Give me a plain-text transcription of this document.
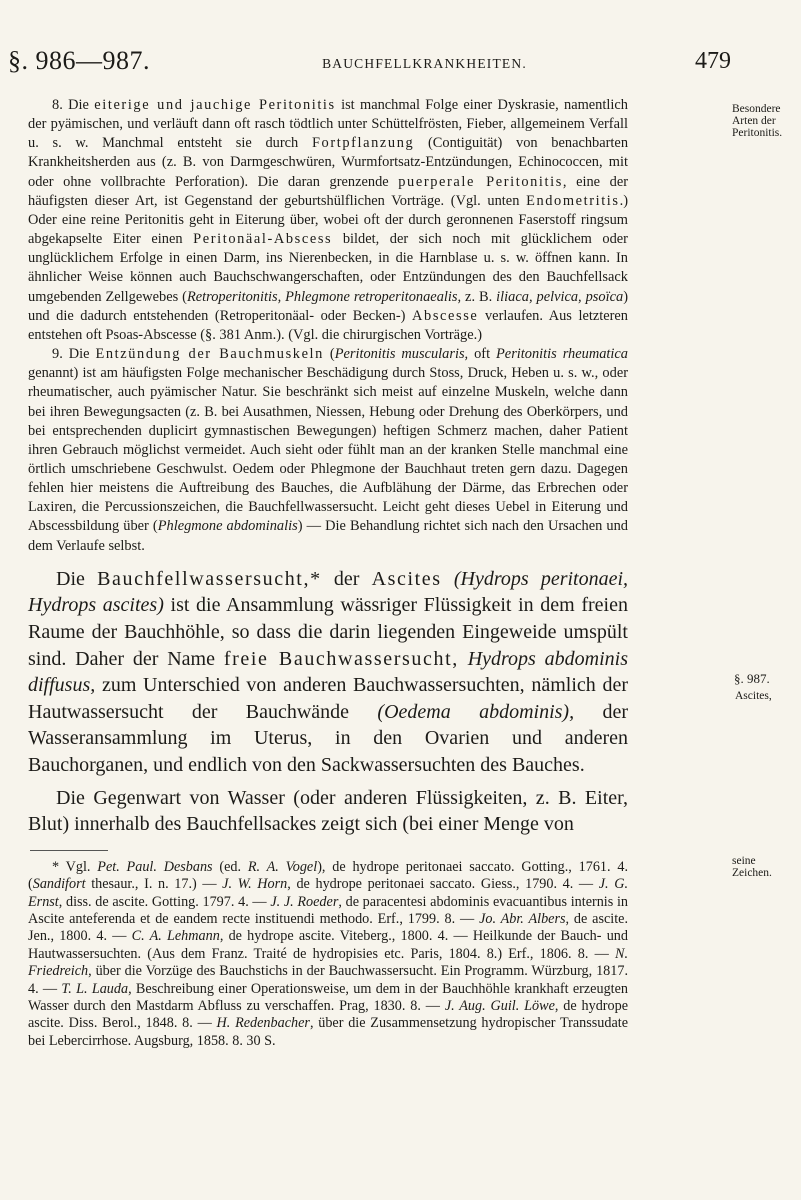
§. 986—987.	BAUCHFELLKRANKHEITEN.	479
Besondere Arten der Peritonitis.
§. 987.
Ascites,
seine Zeichen.

8. Die eiterige und jauchige Peritonitis ist manchmal Folge einer Dyskrasie, namentlich der pyämischen, und verläuft dann oft rasch tödtlich unter Schüttelfrösten, Fieber, allgemeinem Verfall u. s. w. Manchmal entsteht sie durch Fortpflanzung (Contiguität) von benachbarten Krankheitsherden aus (z. B. von Darmgeschwüren, Wurmfortsatz-Entzündungen, Echinococcen, mit oder ohne vollbrachte Perforation). Die daran grenzende puerperale Peritonitis, eine der häufigsten dieser Art, ist Gegenstand der geburtshülflichen Vorträge. (Vgl. unten Endometritis.) Oder eine reine Peritonitis geht in Eiterung über, wobei oft der durch geronnenen Faserstoff ringsum abgekapselte Eiter einen Peritonäal-Abscess bildet, der sich noch mit glücklichem oder unglücklichem Erfolge in einen Darm, ins Nierenbecken, in die Harnblase u. s. w. öffnen kann. In ähnlicher Weise können auch Bauchschwangerschaften, oder Entzündungen des den Bauchfellsack umgebenden Zellgewebes (Retroperitonitis, Phlegmone retroperitonaealis, z. B. iliaca, pelvica, psoïca) und die dadurch entstehenden (Retroperitonäal- oder Becken-) Abscesse verlaufen. Aus letzteren entstehen oft Psoas-Abscesse (§. 381 Anm.). (Vgl. die chirurgischen Vorträge.)

9. Die Entzündung der Bauchmuskeln (Peritonitis muscularis, oft Peritonitis rheumatica genannt) ist am häufigsten Folge mechanischer Beschädigung durch Stoss, Druck, Heben u. s. w., oder rheumatischer, auch pyämischer Natur. Sie beschränkt sich meist auf einzelne Muskeln, welche dann bei ihren Bewegungsacten (z. B. bei Ausathmen, Niessen, Hebung oder Drehung des Oberkörpers, und bei entsprechenden duplicirt gymnastischen Bewegungen) heftigen Schmerz machen, daher Patient ihren Gebrauch möglichst vermeidet. Auch sieht oder fühlt man an der kranken Stelle manchmal eine örtlich umschriebene Geschwulst. Oedem oder Phlegmone der Bauchhaut treten gern dazu. Dagegen fehlen hier meistens die Auftreibung des Bauches, die Aufblähung der Därme, das Erbrechen oder Laxiren, die Percussionszeichen, die Bauchfellwassersucht. Leicht geht dieses Uebel in Eiterung und Abscessbildung über (Phlegmone abdominalis) — Die Behandlung richtet sich nach den Ursachen und dem Verlaufe selbst.

Die Bauchfellwassersucht,* der Ascites (Hydrops peritonaei, Hydrops ascites) ist die Ansammlung wässriger Flüssigkeit in dem freien Raume der Bauchhöhle, so dass die darin liegenden Eingeweide umspült sind. Daher der Name freie Bauchwassersucht, Hydrops abdominis diffusus, zum Unterschied von anderen Bauchwassersuchten, nämlich der Hautwassersucht der Bauchwände (Oedema abdominis), der Wasseransammlung im Uterus, in den Ovarien und anderen Bauchorganen, und endlich von den Sackwassersuchten des Bauches.

Die Gegenwart von Wasser (oder anderen Flüssigkeiten, z. B. Eiter, Blut) innerhalb des Bauchfellsackes zeigt sich (bei einer Menge von

* Vgl. Pet. Paul. Desbans (ed. R. A. Vogel), de hydrope peritonaei saccato. Gotting., 1761. 4. (Sandifort thesaur., I. n. 17.) — J. W. Horn, de hydrope peritonaei saccato. Giess., 1790. 4. — J. G. Ernst, diss. de ascite. Gotting. 1797. 4. — J. J. Roeder, de paracentesi abdominis evacuantibus internis in Ascite anteferenda et de eandem recte instituendi methodo. Erf., 1799. 8. — Jo. Abr. Albers, de ascite. Jen., 1800. 4. — C. A. Lehmann, de hydrope ascite. Viteberg., 1800. 4. — Heilkunde der Bauch- und Hautwassersuchten. (Aus dem Franz. Traité de hydropisies etc. Paris, 1804. 8.) Erf., 1806. 8. — N. Friedreich, über die Vorzüge des Bauchstichs in der Bauchwassersucht. Ein Programm. Würzburg, 1817. 4. — T. L. Lauda, Beschreibung einer Operationsweise, um dem in der Bauchhöhle krankhaft erzeugten Wasser durch den Mastdarm Abfluss zu verschaffen. Prag, 1830. 8. — J. Aug. Guil. Löwe, de hydrope ascite. Diss. Berol., 1848. 8. — H. Redenbacher, über die Zusammensetzung hydropischer Transsudate bei Lebercirrhose. Augsburg, 1858. 8. 30 S.
